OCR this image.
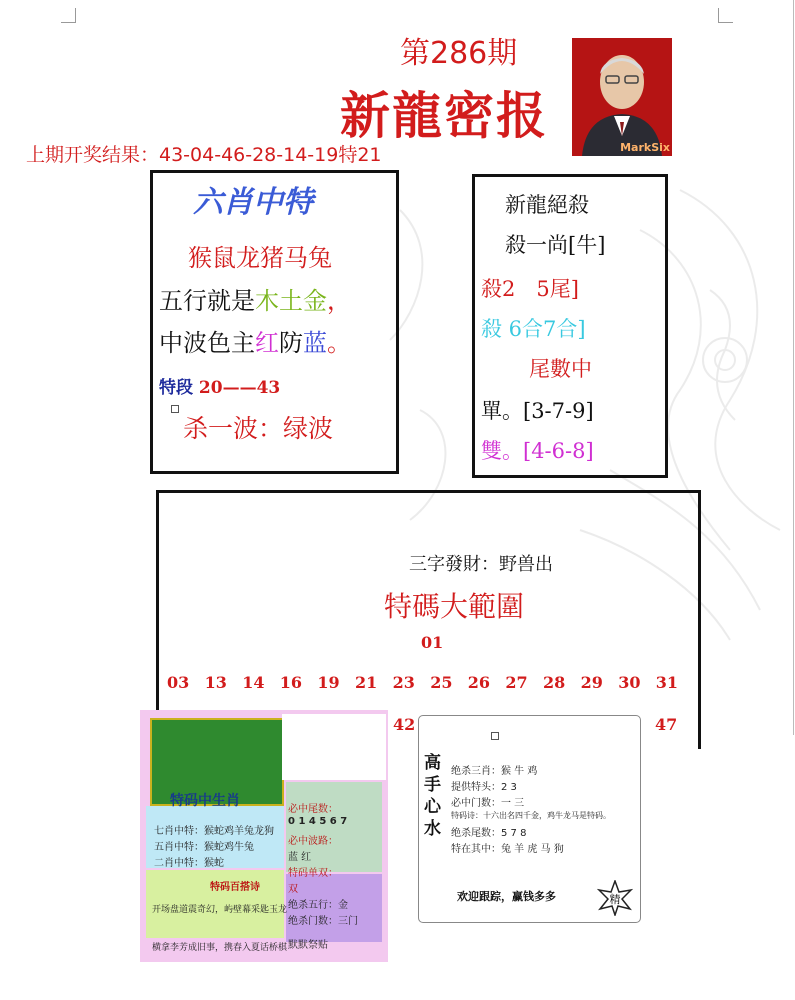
第286期
新龍密报
MarkSix
上期开奖结果：43-04-46-28-14-19特21
六肖中特
猴鼠龙猪马兔
五行就是木土金，
中波色主红防蓝。
特段 20——43
杀一波：绿波
新龍絕殺
殺一尚[牛]
殺2　5尾]
殺 6合7合]
尾數中
單。[3-7-9]
雙。[4-6-8]
三字發財：野兽出
特碼大範圍
01
03 13 14 16 19 21 23 25 26 27 28 29 30 31
42	47
特码中生肖
七肖中特：猴蛇鸡羊兔龙狗
五肖中特：猴蛇鸡牛兔
二肖中特：猴蛇
必中尾数：
0 1 4 5 6 7
必中波路：
蓝 红
特码单双：
双
绝杀五行：金
绝杀门数：三门
默默祭贴
特码百搭诗
开场盘道震奇幻，屿壁幕采匙玉龙
横拿李芳成旧事，携春入夏话桥棋
高手心水
绝杀三肖：猴 牛 鸡
提供特头：2 3
必中门数：一 三
特码诗：十六出名四千金，鸡牛龙马是特码。
绝杀尾数：5 7 8
特在其中：兔 羊 虎 马 狗
欢迎跟踪，赢钱多多	精
